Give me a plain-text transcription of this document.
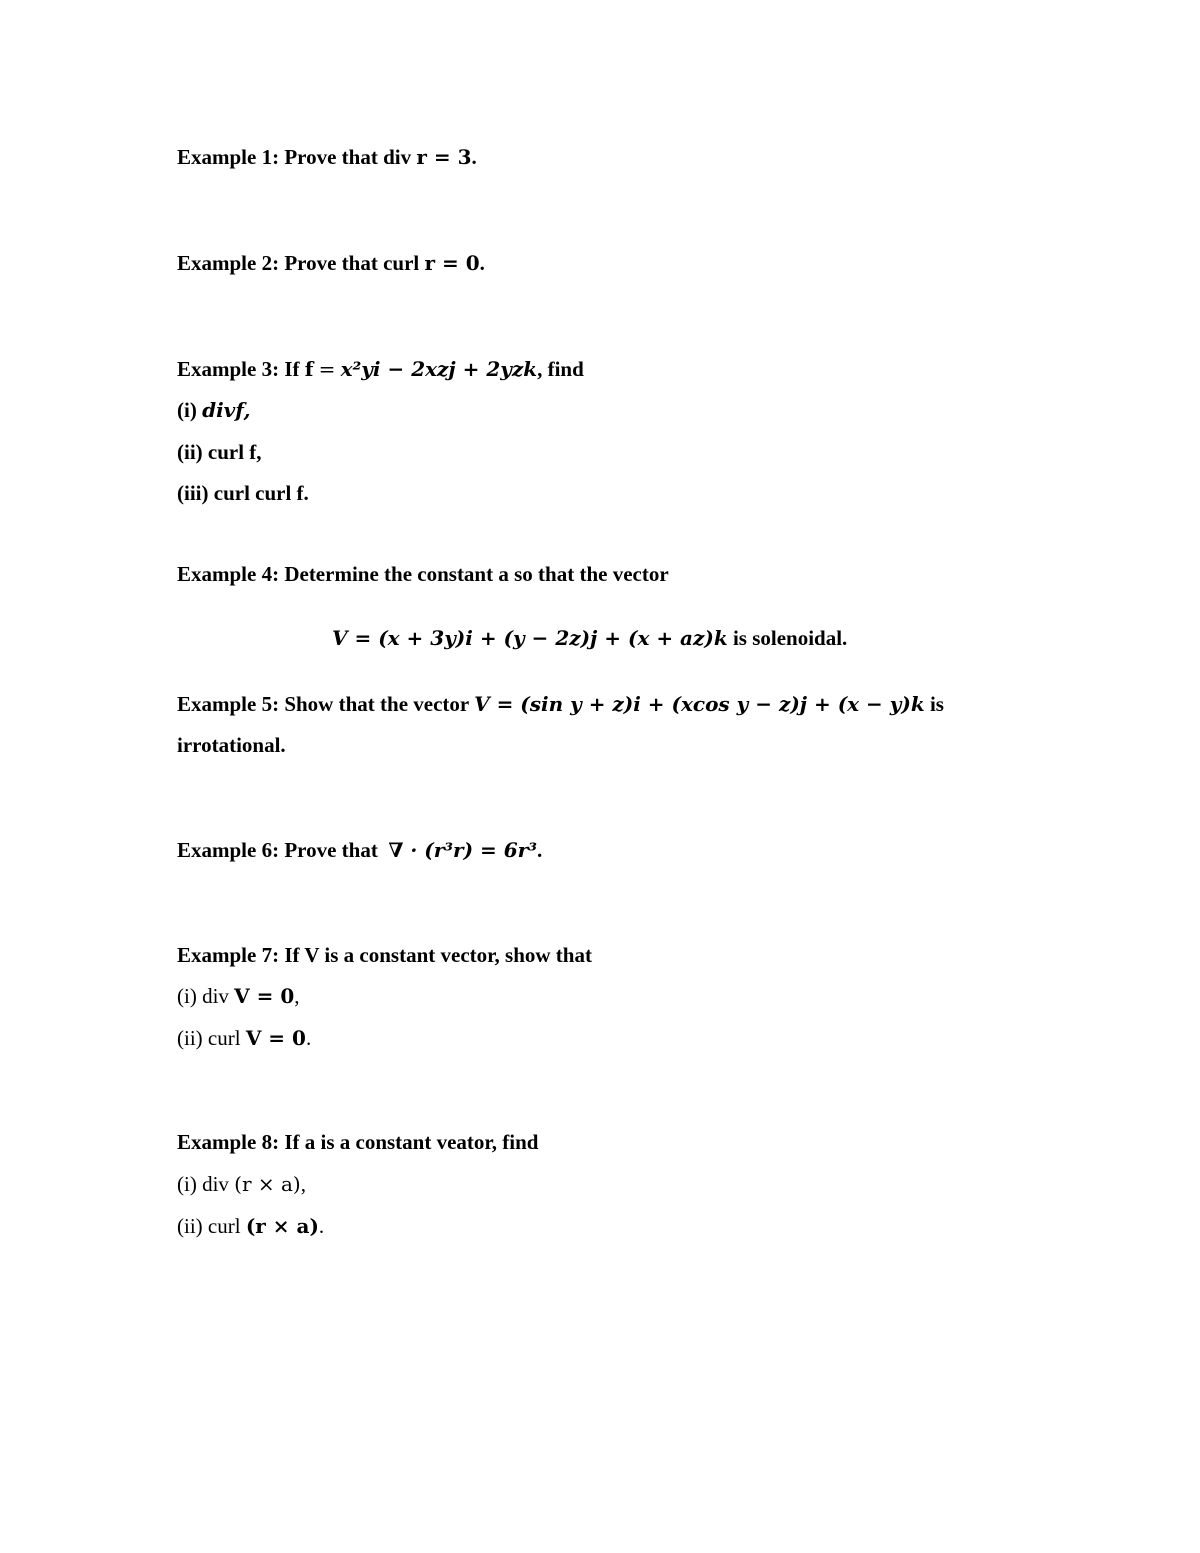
Example 1: Prove that div r = 3.
Example 2: Prove that curl r = 0.
Example 3: If f = x²yi − 2xzj + 2yzk, find
(i) divf,
(ii) curl f,
(iii) curl curl f.
Example 4: Determine the constant a so that the vector
V = (x + 3y)i + (y − 2z)j + (x + az)k is solenoidal.
Example 5: Show that the vector V = (sin y + z)i + (xcos y − z)j + (x − y)k is
irrotational.
Example 6: Prove that ∇ · (r³r) = 6r³.
Example 7: If V is a constant vector, show that
(i) div V = 0,
(ii) curl V = 0.
Example 8: If a is a constant veator, find
(i) div (r × a),
(ii) curl (r × a).
